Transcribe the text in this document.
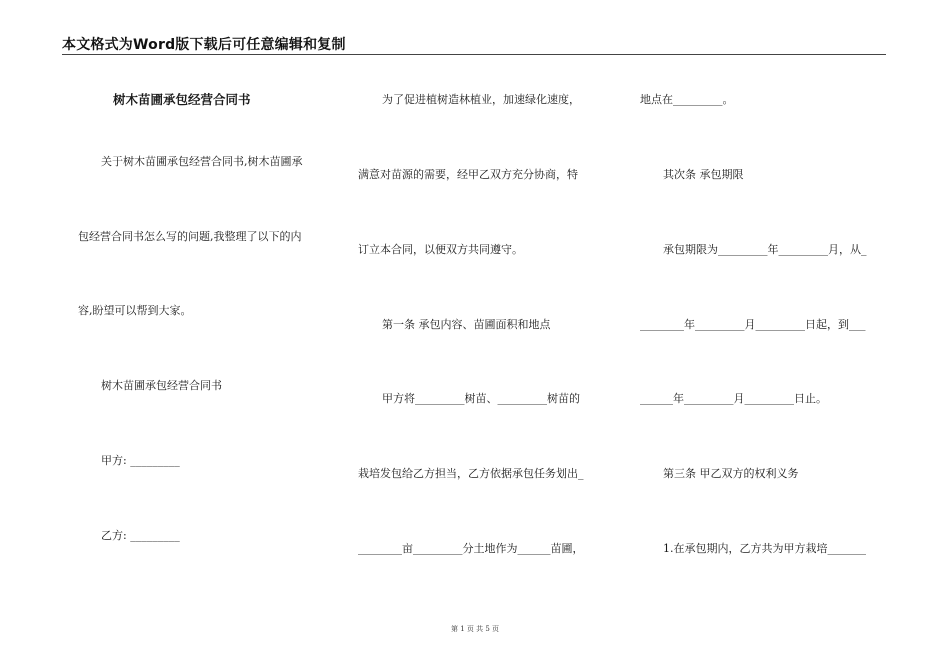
本文格式为Word版下载后可任意编辑和复制
树木苗圃承包经营合同书
关于树木苗圃承包经营合同书,树木苗圃承
包经营合同书怎么写的问题,我整理了以下的内
容,盼望可以帮到大家。
树木苗圃承包经营合同书
甲方: _________
乙方: _________
为了促进植树造林植业，加速绿化速度，
满意对苗源的需要，经甲乙双方充分协商，特
订立本合同，以便双方共同遵守。
第一条 承包内容、苗圃面积和地点
甲方将_________树苗、_________树苗的
栽培发包给乙方担当，乙方依据承包任务划出_
________亩_________分土地作为______苗圃，
地点在_________。
其次条 承包期限
承包期限为_________年_________月，从_
________年_________月_________日起，到___
______年_________月_________日止。
第三条 甲乙双方的权利义务
1.在承包期内，乙方共为甲方栽培_______
第 1 页 共 5 页
